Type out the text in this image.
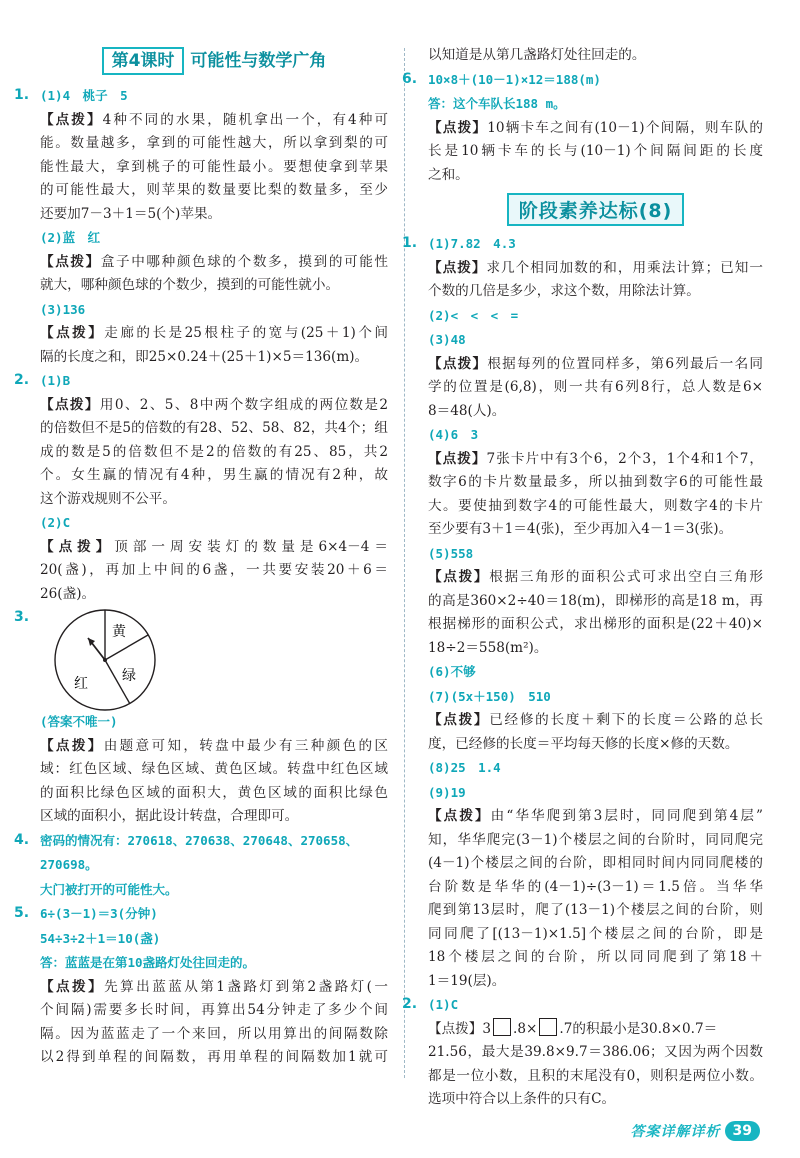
第4课时 可能性与数学广角
1. (1)4　桃子　5
【点拨】4种不同的水果，随机拿出一个，有4种可
能。数量越多，拿到的可能性越大，所以拿到梨的可
能性最大，拿到桃子的可能性最小。要想使拿到苹果
的可能性最大，则苹果的数量要比梨的数量多，至少
还要加7－3＋1＝5(个)苹果。
(2)蓝　红
【点拨】盒子中哪种颜色球的个数多，摸到的可能性
就大，哪种颜色球的个数少，摸到的可能性就小。
(3)136
【点拨】走廊的长是25根柱子的宽与(25＋1)个间
隔的长度之和，即25×0.24＋(25＋1)×5＝136(m)。
2. (1)B
【点拨】用0、2、5、8中两个数字组成的两位数是2
的倍数但不是5的倍数的有28、52、58、82，共4个；组
成的数是5的倍数但不是2的倍数的有25、85，共2
个。女生赢的情况有4种，男生赢的情况有2种，故
这个游戏规则不公平。
(2)C
【点拨】顶部一周安装灯的数量是6×4－4＝
20(盏)，再加上中间的6盏，一共要安装20＋6＝
26(盏)。
3.
黄
红 绿
(答案不唯一)
【点拨】由题意可知，转盘中最少有三种颜色的区
域：红色区域、绿色区域、黄色区域。转盘中红色区域
的面积比绿色区域的面积大，黄色区域的面积比绿色
区域的面积小，据此设计转盘，合理即可。
4. 密码的情况有：270618、270638、270648、270658、
270698。
大门被打开的可能性大。
5. 6÷(3－1)＝3(分钟)
54÷3÷2＋1＝10(盏)
答：蓝蓝是在第10盏路灯处往回走的。
【点拨】先算出蓝蓝从第1盏路灯到第2盏路灯(一
个间隔)需要多长时间，再算出54分钟走了多少个间
隔。因为蓝蓝走了一个来回，所以用算出的间隔数除
以2得到单程的间隔数，再用单程的间隔数加1就可
以知道是从第几盏路灯处往回走的。
6. 10×8＋(10－1)×12＝188(m)
答：这个车队长188 m。
【点拨】10辆卡车之间有(10－1)个间隔，则车队的
长是10辆卡车的长与(10－1)个间隔间距的长度
之和。
阶段素养达标(8)
1. (1)7.82　4.3
【点拨】求几个相同加数的和，用乘法计算；已知一
个数的几倍是多少，求这个数，用除法计算。
(2)<　<　<　=
(3)48
【点拨】根据每列的位置同样多，第6列最后一名同
学的位置是(6,8)，则一共有6列8行，总人数是6×
8＝48(人)。
(4)6　3
【点拨】7张卡片中有3个6，2个3，1个4和1个7，
数字6的卡片数量最多，所以抽到数字6的可能性最
大。要使抽到数字4的可能性最大，则数字4的卡片
至少要有3＋1＝4(张)，至少再加入4－1＝3(张)。
(5)558
【点拨】根据三角形的面积公式可求出空白三角形
的高是360×2÷40＝18(m)，即梯形的高是18 m，再
根据梯形的面积公式，求出梯形的面积是(22＋40)×
18÷2＝558(m²)。
(6)不够
(7)(5x＋150)　510
【点拨】已经修的长度＋剩下的长度＝公路的总长
度，已经修的长度＝平均每天修的长度×修的天数。
(8)25　1.4
(9)19
【点拨】由“华华爬到第3层时，同同爬到第4层”
知，华华爬完(3－1)个楼层之间的台阶时，同同爬完
(4－1)个楼层之间的台阶，即相同时间内同同爬楼的
台阶数是华华的(4－1)÷(3－1)＝1.5倍。当华华
爬到第13层时，爬了(13－1)个楼层之间的台阶，则
同同爬了[(13－1)×1.5]个楼层之间的台阶，即是
18个楼层之间的台阶，所以同同爬到了第18＋
1＝19(层)。
2. (1)C
【点拨】3 .8× .7的积最小是30.8×0.7＝
21.56，最大是39.8×9.7＝386.06；又因为两个因数
都是一位小数，且积的末尾没有0，则积是两位小数。
选项中符合以上条件的只有C。
答案详解详析 39
